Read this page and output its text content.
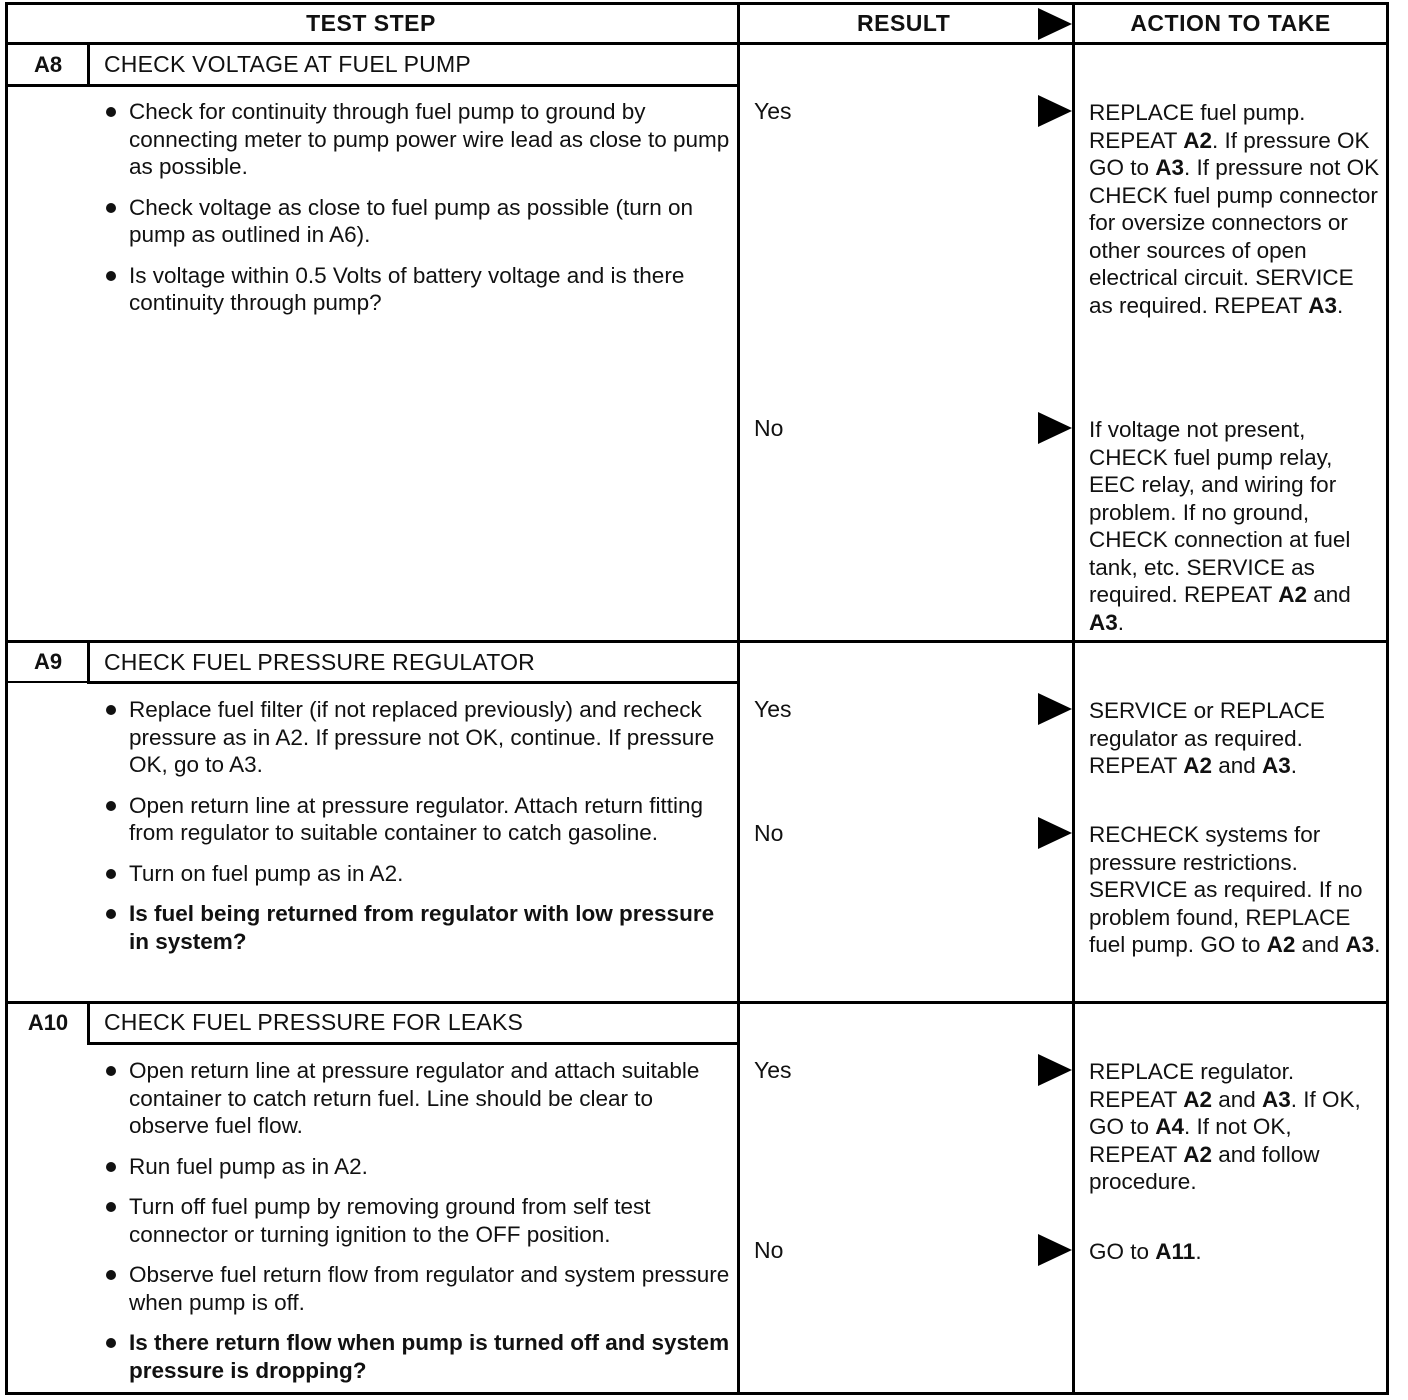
TEST STEP	RESULT	ACTION TO TAKE
A8	CHECK VOLTAGE AT FUEL PUMP
Check for continuity through fuel pump to ground by connecting meter to pump power wire lead as close to pump as possible.
Check voltage as close to fuel pump as possible (turn on pump as outlined in A6).
Is voltage within 0.5 Volts of battery voltage and is there continuity through pump?
Yes	REPLACE fuel pump. REPEAT A2. If pressure OK GO to A3. If pressure not OK CHECK fuel pump connector for oversize connectors or other sources of open electrical circuit. SERVICE as required. REPEAT A3.
No	If voltage not present, CHECK fuel pump relay, EEC relay, and wiring for problem. If no ground, CHECK connection at fuel tank, etc. SERVICE as required. REPEAT A2 and A3.
A9	CHECK FUEL PRESSURE REGULATOR
Replace fuel filter (if not replaced previously) and recheck pressure as in A2. If pressure not OK, continue. If pressure OK, go to A3.
Open return line at pressure regulator. Attach return fitting from regulator to suitable container to catch gasoline.
Turn on fuel pump as in A2.
Is fuel being returned from regulator with low pressure in system?
Yes	SERVICE or REPLACE regulator as required. REPEAT A2 and A3.
No	RECHECK systems for pressure restrictions. SERVICE as required. If no problem found, REPLACE fuel pump. GO to A2 and A3.
A10	CHECK FUEL PRESSURE FOR LEAKS
Open return line at pressure regulator and attach suitable container to catch return fuel. Line should be clear to observe fuel flow.
Run fuel pump as in A2.
Turn off fuel pump by removing ground from self test connector or turning ignition to the OFF position.
Observe fuel return flow from regulator and system pressure when pump is off.
Is there return flow when pump is turned off and system pressure is dropping?
Yes	REPLACE regulator. REPEAT A2 and A3. If OK, GO to A4. If not OK, REPEAT A2 and follow procedure.
No	GO to A11.
